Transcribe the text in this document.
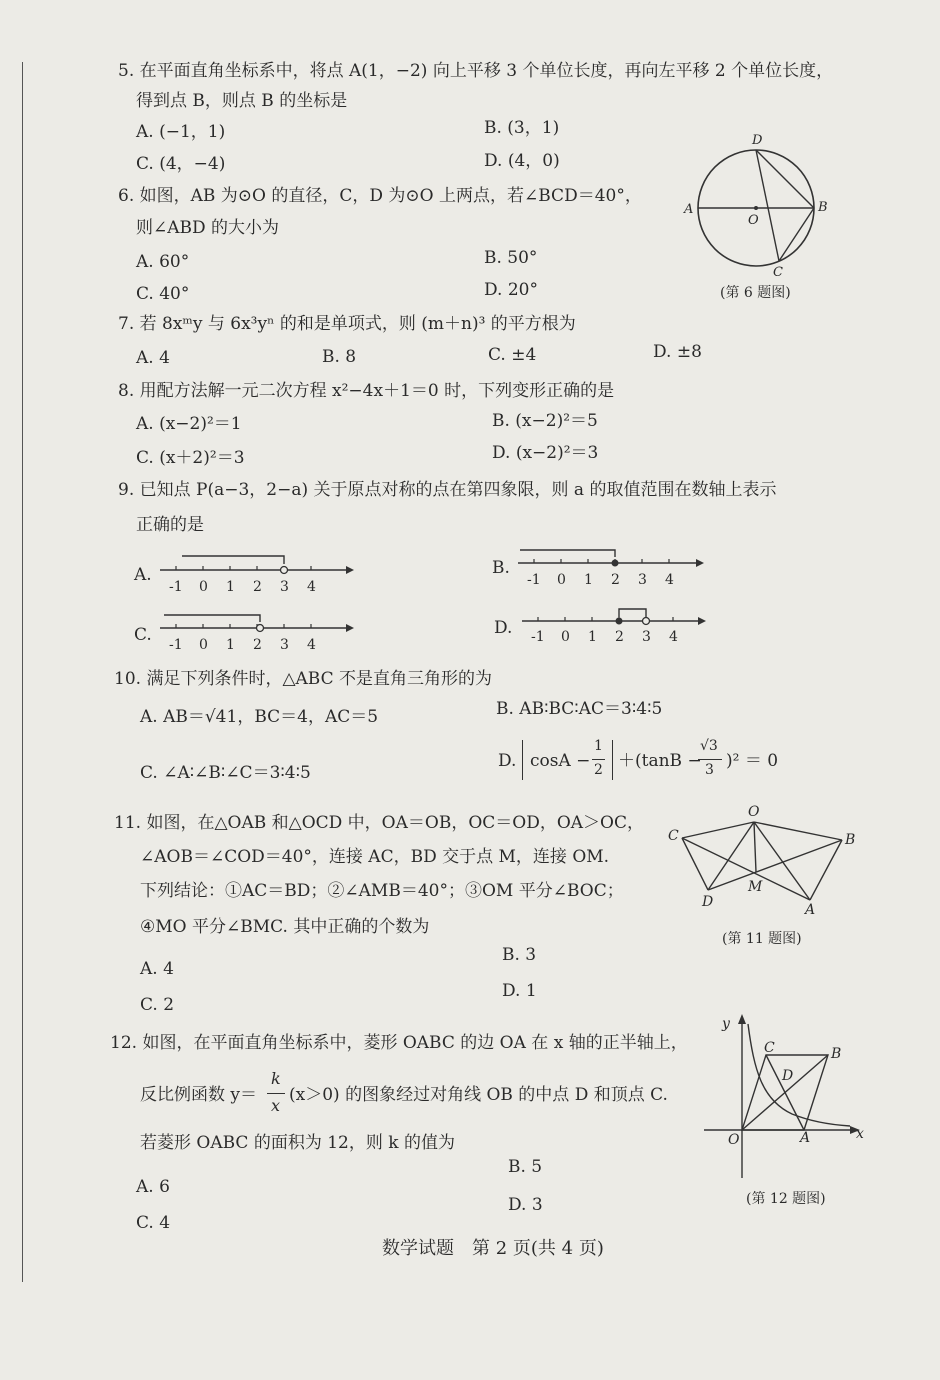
5. 在平面直角坐标系中，将点 A(1，−2) 向上平移 3 个单位长度，再向左平移 2 个单位长度，
得到点 B，则点 B 的坐标是
A. (−1，1)	B. (3，1)
C. (4，−4)	D. (4，0)
6. 如图，AB 为⊙O 的直径，C，D 为⊙O 上两点，若∠BCD＝40°，
则∠ABD 的大小为
A. 60°	B. 50°
C. 40°	D. 20°
D
A	B
O
C
(第 6 题图)
7. 若 8xᵐy 与 6x³yⁿ 的和是单项式，则 (m＋n)³ 的平方根为
A. 4	B. 8	C. ±4	D. ±8
8. 用配方法解一元二次方程 x²−4x＋1＝0 时，下列变形正确的是
A. (x−2)²＝1	B. (x−2)²＝5
C. (x＋2)²＝3	D. (x−2)²＝3
9. 已知点 P(a−3，2−a) 关于原点对称的点在第四象限，则 a 的取值范围在数轴上表示
正确的是
A.
-1 0 1 2 3 4
B.
-1 0 1 2 3 4
C. -1 0 1 2 3 4
D. -1 0 1 2 3 4
10. 满足下列条件时，△ABC 不是直角三角形的为
A. AB＝√41，BC＝4，AC＝5	B. AB∶BC∶AC＝3∶4∶5
C. ∠A∶∠B∶∠C＝3∶4∶5
D. cosA −
1
2 ＋(tanB −
√3
3 )² ＝ 0
11. 如图，在△OAB 和△OCD 中，OA＝OB，OC＝OD，OA＞OC，
∠AOB＝∠COD＝40°，连接 AC，BD 交于点 M，连接 OM.
下列结论：①AC＝BD；②∠AMB＝40°；③OM 平分∠BOC；
④MO 平分∠BMC. 其中正确的个数为
A. 4
B. 3
C. 2
D. 1
O
C	B
D
M
A
(第 11 题图)
12. 如图，在平面直角坐标系中，菱形 OABC 的边 OA 在 x 轴的正半轴上，
反比例函数 y＝
k
x
(x＞0) 的图象经过对角线 OB 的中点 D 和顶点 C.
若菱形 OABC 的面积为 12，则 k 的值为
A. 6
B. 5
C. 4
D. 3
y
x
O	A
B
C
D
(第 12 题图)
数学试题　第 2 页(共 4 页)
